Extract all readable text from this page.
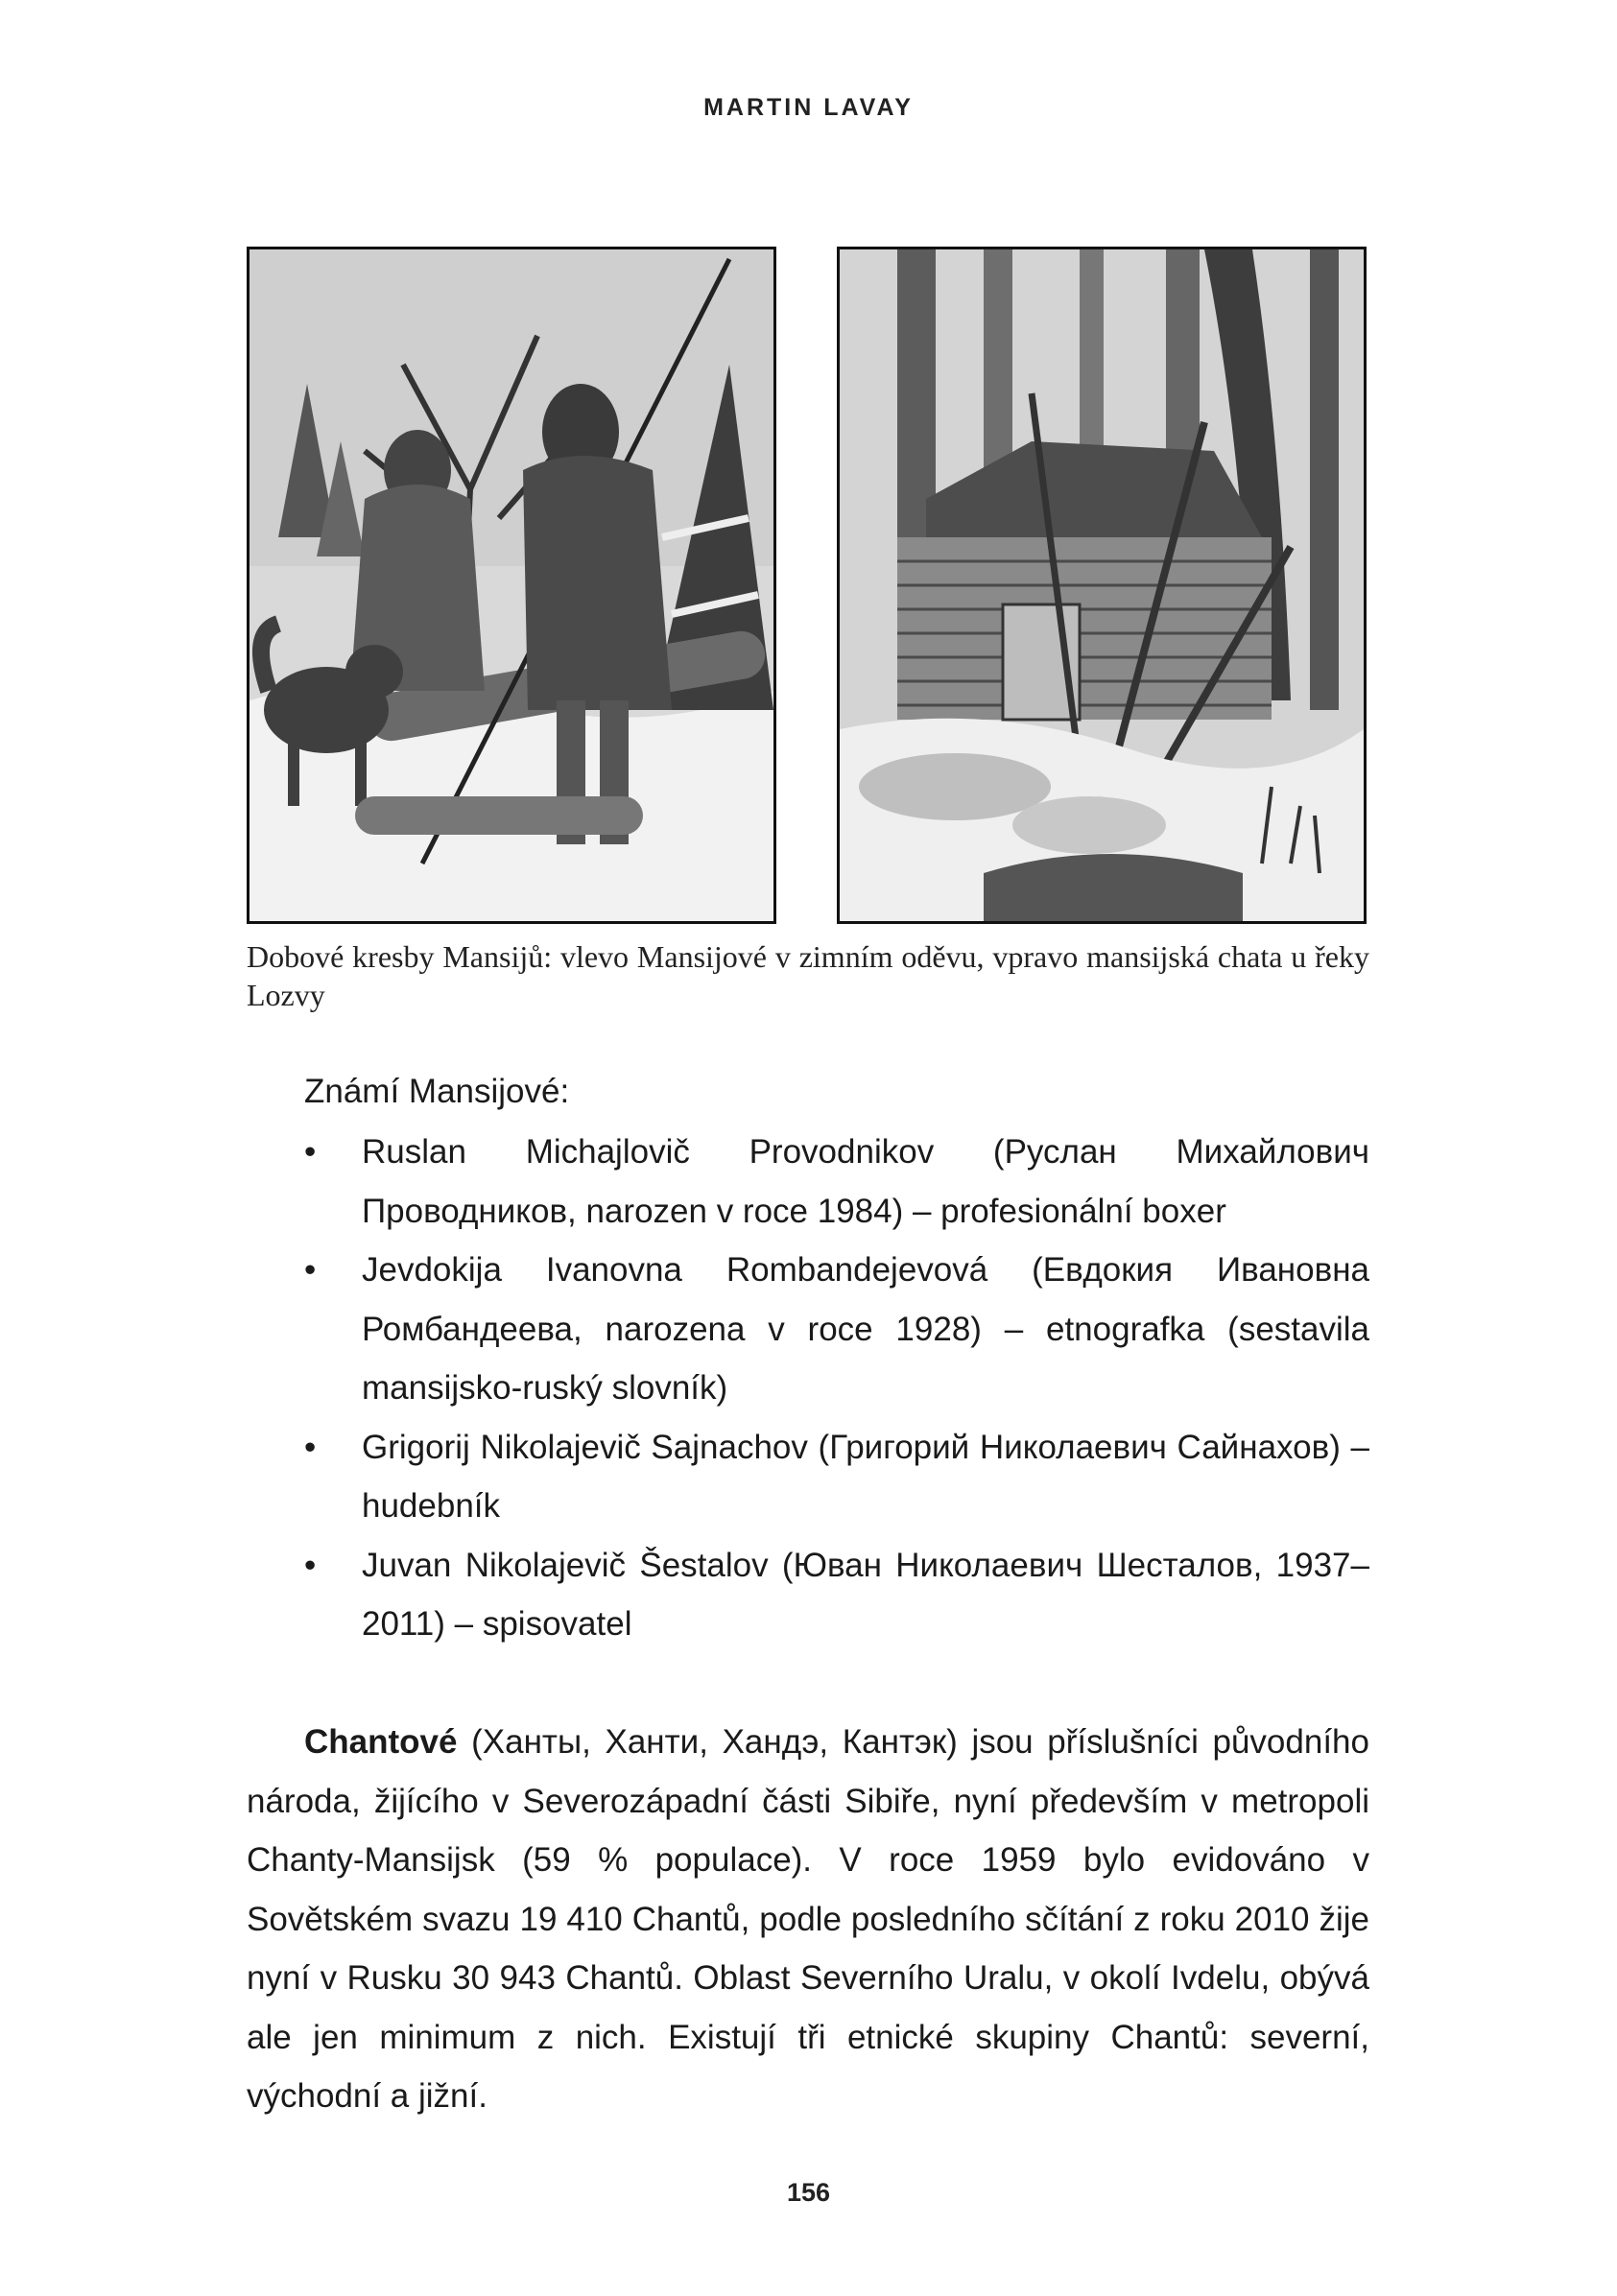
MARTIN LAVAY
Dobové kresby Mansijů: vlevo Mansijové v zimním oděvu, vpravo mansijská chata u řeky Lozvy
Známí Mansijové:
• Ruslan Michajlovič Provodnikov (Руслан Михайлович Проводников, narozen v roce 1984) – profesionální boxer
• Jevdokija Ivanovna Rombandejevová (Евдокия Ивановна Ромбандеева, narozena v roce 1928) – etnografka (sestavila mansijsko-ruský slovník)
• Grigorij Nikolajevič Sajnachov (Григорий Николаевич Сайнахов) – hudebník
• Juvan Nikolajevič Šestalov (Юван Николаевич Шесталов, 1937–2011) – spisovatel

Chantové (Ханты, Ханти, Хандэ, Кантэк) jsou příslušníci původního národa, žijícího v Severozápadní části Sibiře, nyní především v metropoli Chanty-Mansijsk (59 % populace). V roce 1959 bylo evidováno v Sovětském svazu 19 410 Chantů, podle posledního sčítání z roku 2010 žije nyní v Rusku 30 943 Chantů. Oblast Severního Uralu, v okolí Ivdelu, obývá ale jen minimum z nich. Existují tři etnické skupiny Chantů: severní, východní a jižní.

156
